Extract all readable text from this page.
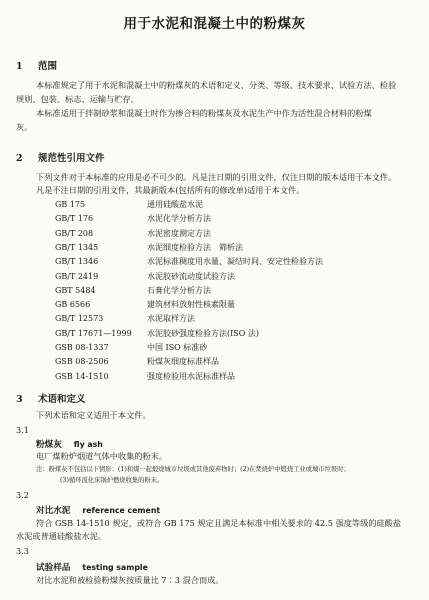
用于水泥和混凝土中的粉煤灰
1 范围
本标准规定了用于水泥和混凝土中的粉煤灰的术语和定义、分类、等级、技术要求、试验方法、检验
规则、包装、标志、运输与贮存。
本标准适用于拌制砂浆和混凝土时作为掺合料的粉煤灰及水泥生产中作为活性混合材料的粉煤
灰。
2 规范性引用文件
下列文件对于本标准的应用是必不可少的。凡是注日期的引用文件，仅注日期的版本适用于本文件。
凡是不注日期的引用文件，其最新版本(包括所有的修改单)适用于本文件。
GB 175	通用硅酸盐水泥
GB/T 176	水泥化学分析方法
GB/T 208	水泥密度测定方法
GB/T 1345	水泥细度检验方法　筛析法
GB/T 1346	水泥标准稠度用水量、凝结时间、安定性检验方法
GB/T 2419	水泥胶砂流动度试验方法
GBT 5484	石膏化学分析方法
GB 6566	建筑材料放射性核素限量
GB/T 12573	水泥取样方法
GB/T 17671—1999 水泥胶砂强度检验方法(ISO 法)
GSB 08-1337	中国 ISO 标准砂
GSB 08-2506	粉煤灰细度标准样品
GSB 14-1510	强度检验用水泥标准样品
3 术语和定义
下列术语和定义适用于本文件。
3.1
粉煤灰 fly ash
电厂煤粉炉烟道气体中收集的粉末。
注：粉煤灰不包括以下情形：(1)和煤一起煅烧城市垃圾或其他废弃物时；(2)在焚烧炉中煅烧工业或城市垃圾时；
(3)循环流化床锅炉燃烧收集的粉末。
3.2
对比水泥 reference cement
符合 GSB 14-1510 规定，或符合 GB 175 规定且满足本标准中相关要求的 42.5 强度等级的硅酸盐
水泥或普通硅酸盐水泥。
3.3
试验样品 testing sample
对比水泥和被检验粉煤灰按质量比 7∶3 混合而成。
